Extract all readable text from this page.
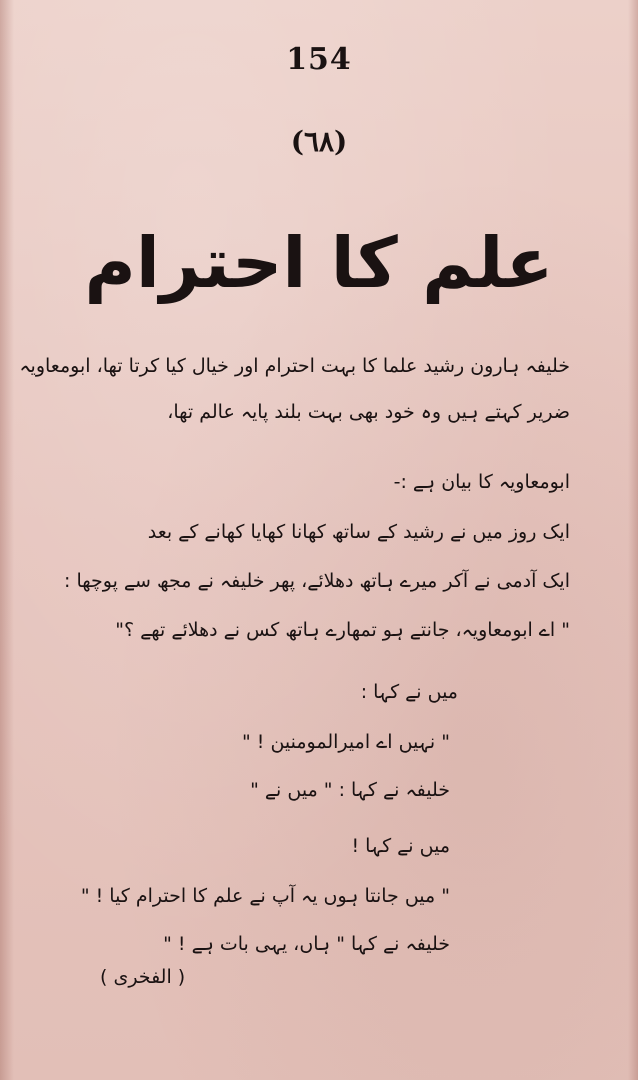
154
(٦٨)
علم کا احترام
خلیفہ ہارون رشید علما کا بہت احترام اور خیال کیا کرتا تھا، ابومعاویہ
ضریر کہتے ہیں وہ خود بھی بہت بلند پایہ عالم تھا،
ابومعاویہ کا بیان ہے :-
ایک روز میں نے رشید کے ساتھ کھانا کھایا کھانے کے بعد
ایک آدمی نے آکر میرے ہاتھ دھلائے، پھر خلیفہ نے مجھ سے پوچھا :
" اے ابومعاویہ، جانتے ہو تمھارے ہاتھ کس نے دھلائے تھے ؟"
میں نے کہا :
" نہیں اے امیرالمومنین ! "
خلیفہ نے کہا : " میں نے "
میں نے کہا !
" میں جانتا ہوں یہ آپ نے علم کا احترام کیا ! "
خلیفہ نے کہا " ہاں، یہی بات ہے ! "
( الفخری )
